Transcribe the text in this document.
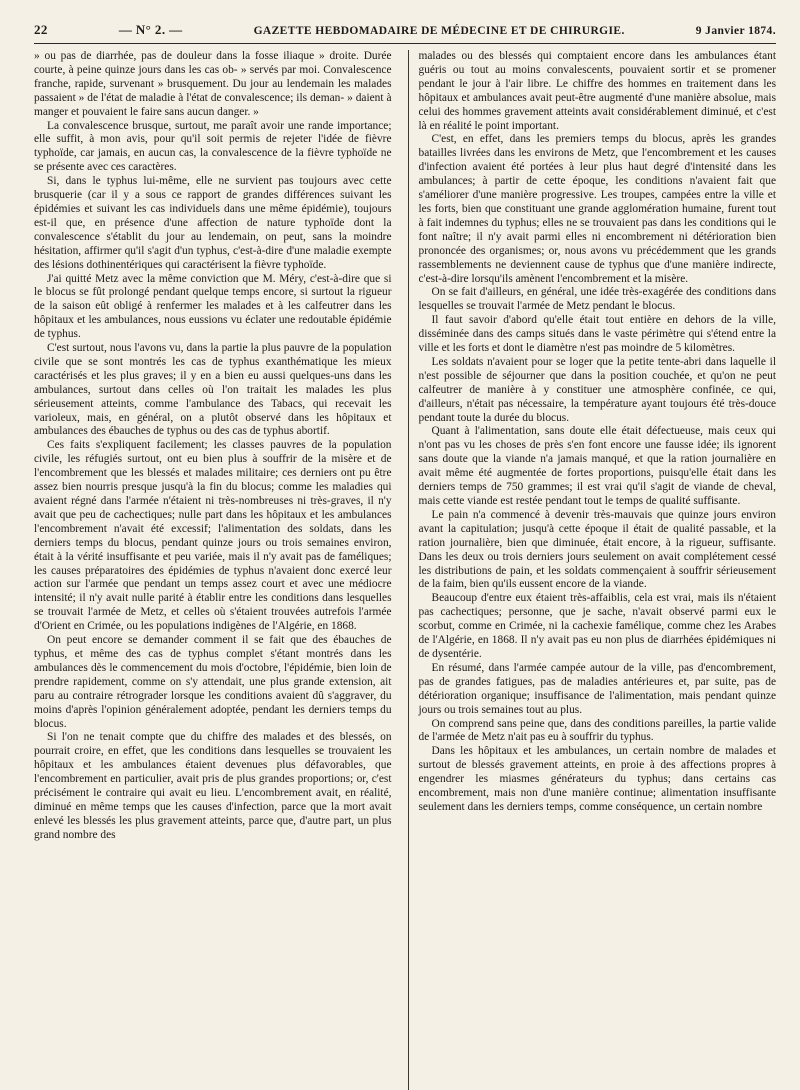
22	— N° 2. —	GAZETTE HEBDOMADAIRE DE MÉDECINE ET DE CHIRURGIE.	9 Janvier 1874.

» ou pas de diarrhée, pas de douleur dans la fosse iliaque » droite. Durée courte, à peine quinze jours dans les cas ob- » servés par moi. Convalescence franche, rapide, survenant » brusquement. Du jour au lendemain les malades passaient » de l'état de maladie à l'état de convalescence; ils deman- » daient à manger et pouvaient le faire sans aucun danger. »

La convalescence brusque, surtout, me paraît avoir une rande importance; elle suffit, à mon avis, pour qu'il soit permis de rejeter l'idée de fièvre typhoïde, car jamais, en aucun cas, la convalescence de la fièvre typhoïde ne se présente avec ces caractères.

Si, dans le typhus lui-même, elle ne survient pas toujours avec cette brusquerie (car il y a sous ce rapport de grandes différences suivant les épidémies et suivant les cas individuels dans une même épidémie), toujours est-il que, en présence d'une affection de nature typhoïde dont la convalescence s'établit du jour au lendemain, on peut, sans la moindre hésitation, affirmer qu'il s'agit d'un typhus, c'est-à-dire d'une maladie exempte des lésions dothinentériques qui caractérisent la fièvre typhoïde.

J'ai quitté Metz avec la même conviction que M. Méry, c'est-à-dire que si le blocus se fût prolongé pendant quelque temps encore, si surtout la rigueur de la saison eût obligé à renfermer les malades et à les calfeutrer dans les hôpitaux et les ambulances, nous eussions vu éclater une redoutable épidémie de typhus.

C'est surtout, nous l'avons vu, dans la partie la plus pauvre de la population civile que se sont montrés les cas de typhus exanthématique les mieux caractérisés et les plus graves; il y en a bien eu aussi quelques-uns dans les ambulances, surtout dans celles où l'on traitait les malades les plus sérieusement atteints, comme l'ambulance des Tabacs, qui recevait les varioleux, mais, en général, on a plutôt observé dans les hôpitaux et ambulances des ébauches de typhus ou des cas de typhus abortif.

Ces faits s'expliquent facilement; les classes pauvres de la population civile, les réfugiés surtout, ont eu bien plus à souffrir de la misère et de l'encombrement que les blessés et malades militaire; ces derniers ont pu être assez bien nourris presque jusqu'à la fin du blocus; comme les maladies qui avaient régné dans l'armée n'étaient ni très-nombreuses ni très-graves, il n'y avait que peu de cachectiques; nulle part dans les hôpitaux et les ambulances l'encombrement n'avait été excessif; l'alimentation des soldats, dans les derniers temps du blocus, pendant quinze jours ou trois semaines environ, était à la vérité insuffisante et peu variée, mais il n'y avait pas de faméliques; les causes préparatoires des épidémies de typhus n'avaient donc exercé leur action sur l'armée que pendant un temps assez court et avec une médiocre intensité; il n'y avait nulle parité à établir entre les conditions dans lesquelles se trouvait l'armée de Metz, et celles où s'étaient trouvées autrefois l'armée d'Orient en Crimée, ou les populations indigènes de l'Algérie, en 1868.

On peut encore se demander comment il se fait que des ébauches de typhus, et même des cas de typhus complet s'étant montrés dans les ambulances dès le commencement du mois d'octobre, l'épidémie, bien loin de prendre rapidement, comme on s'y attendait, une plus grande extension, ait paru au contraire rétrograder lorsque les conditions avaient dû s'aggraver, du moins d'après l'opinion généralement adoptée, pendant les derniers temps du blocus.

Si l'on ne tenait compte que du chiffre des malades et des blessés, on pourrait croire, en effet, que les conditions dans lesquelles se trouvaient les hôpitaux et les ambulances étaient devenues plus défavorables, que l'encombrement en particulier, avait pris de plus grandes proportions; or, c'est précisément le contraire qui avait eu lieu. L'encombrement avait, en réalité, diminué en même temps que les causes d'infection, parce que la mort avait enlevé les blessés les plus gravement atteints, parce que, d'autre part, un plus grand nombre des

malades ou des blessés qui comptaient encore dans les ambulances étant guéris ou tout au moins convalescents, pouvaient sortir et se promener pendant le jour à l'air libre. Le chiffre des hommes en traitement dans les hôpitaux et ambulances avait peut-être augmenté d'une manière absolue, mais celui des hommes gravement atteints avait considérablement diminué, et c'est là en réalité le point important.

C'est, en effet, dans les premiers temps du blocus, après les grandes batailles livrées dans les environs de Metz, que l'encombrement et les causes d'infection avaient été portées à leur plus haut degré d'intensité dans les ambulances; à partir de cette époque, les conditions n'avaient fait que s'améliorer d'une manière progressive. Les troupes, campées entre la ville et les forts, bien que constituant une grande agglomération humaine, furent tout à fait indemnes du typhus; elles ne se trouvaient pas dans les conditions qui le font naître; il n'y avait parmi elles ni encombrement ni détérioration bien prononcée des organismes; or, nous avons vu précédemment que les grands rassemblements ne deviennent cause de typhus que d'une manière indirecte, c'est-à-dire lorsqu'ils amènent l'encombrement et la misère.

On se fait d'ailleurs, en général, une idée très-exagérée des conditions dans lesquelles se trouvait l'armée de Metz pendant le blocus.

Il faut savoir d'abord qu'elle était tout entière en dehors de la ville, disséminée dans des camps situés dans le vaste périmètre qui s'étend entre la ville et les forts et dont le diamètre n'est pas moindre de 5 kilomètres.

Les soldats n'avaient pour se loger que la petite tente-abri dans laquelle il n'est possible de séjourner que dans la position couchée, et qu'on ne peut calfeutrer de manière à y constituer une atmosphère confinée, ce qui, d'ailleurs, n'était pas nécessaire, la température ayant toujours été très-douce pendant toute la durée du blocus.

Quant à l'alimentation, sans doute elle était défectueuse, mais ceux qui n'ont pas vu les choses de près s'en font encore une fausse idée; ils ignorent sans doute que la viande n'a jamais manqué, et que la ration journalière en avait même été augmentée de fortes proportions, puisqu'elle était dans les derniers temps de 750 grammes; il est vrai qu'il s'agit de viande de cheval, mais cette viande est restée pendant tout le temps de qualité suffisante.

Le pain n'a commencé à devenir très-mauvais que quinze jours environ avant la capitulation; jusqu'à cette époque il était de qualité passable, et la ration journalière, bien que diminuée, était encore, à la rigueur, suffisante. Dans les deux ou trois derniers jours seulement on avait complétement cessé les distributions de pain, et les soldats commençaient à souffrir sérieusement de la faim, bien qu'ils eussent encore de la viande.

Beaucoup d'entre eux étaient très-affaiblis, cela est vrai, mais ils n'étaient pas cachectiques; personne, que je sache, n'avait observé parmi eux le scorbut, comme en Crimée, ni la cachexie famélique, comme chez les Arabes de l'Algérie, en 1868. Il n'y avait pas eu non plus de diarrhées épidémiques ni de dysentérie.

En résumé, dans l'armée campée autour de la ville, pas d'encombrement, pas de grandes fatigues, pas de maladies antérieures et, par suite, pas de détérioration organique; insuffisance de l'alimentation, mais pendant quinze jours ou trois semaines tout au plus.

On comprend sans peine que, dans des conditions pareilles, la partie valide de l'armée de Metz n'ait pas eu à souffrir du typhus.

Dans les hôpitaux et les ambulances, un certain nombre de malades et surtout de blessés gravement atteints, en proie à des affections propres à engendrer les miasmes générateurs du typhus; dans certains cas encombrement, mais non d'une manière continue; alimentation insuffisante seulement dans les derniers temps, comme conséquence, un certain nombre
